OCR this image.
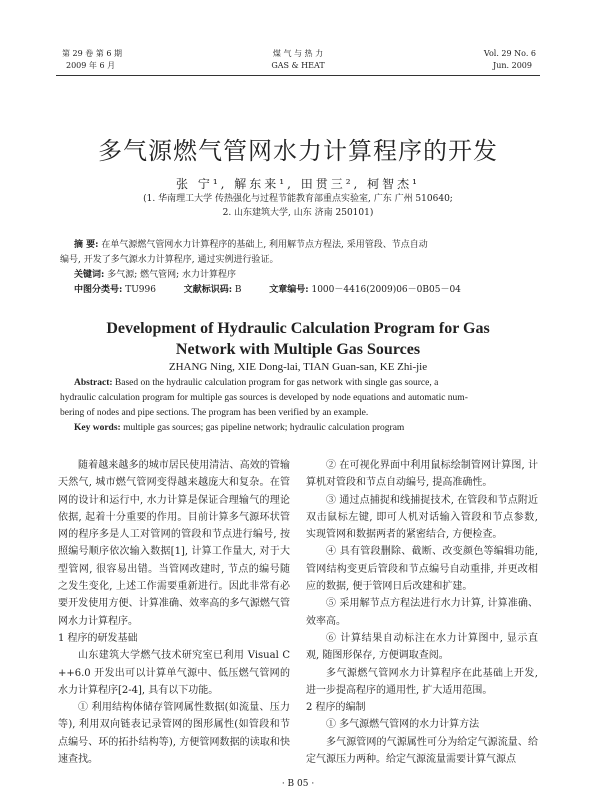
第 29 卷 第 6 期
2009 年 6 月
煤 气 与 热 力
GAS & HEAT
Vol. 29 No. 6
Jun. 2009
多气源燃气管网水力计算程序的开发
张 宁¹, 解东来¹, 田贯三², 柯智杰¹
(1. 华南理工大学 传热强化与过程节能教育部重点实验室, 广东 广州 510640;
2. 山东建筑大学, 山东 济南 250101)
摘 要: 在单气源燃气管网水力计算程序的基础上, 利用解节点方程法, 采用管段、节点自动
编号, 开发了多气源水力计算程序, 通过实例进行验证。
关键词: 多气源; 燃气管网; 水力计算程序
中图分类号: TU996	文献标识码: B	文章编号: 1000－4416(2009)06－0B05－04
Development of Hydraulic Calculation Program for Gas
Network with Multiple Gas Sources
ZHANG Ning, XIE Dong-lai, TIAN Guan-san, KE Zhi-jie
Abstract: Based on the hydraulic calculation program for gas network with single gas source, a
hydraulic calculation program for multiple gas sources is developed by node equations and automatic num-
bering of nodes and pipe sections. The program has been verified by an example.
Key words: multiple gas sources; gas pipeline network; hydraulic calculation program

随着越来越多的城市居民使用清洁、高效的管输天然气, 城市燃气管网变得越来越庞大和复杂。在管网的设计和运行中, 水力计算是保证合理输气的理论依据, 起着十分重要的作用。目前计算多气源环状管网的程序多是人工对管网的管段和节点进行编号, 按照编号顺序依次输入数据[1], 计算工作量大, 对于大型管网, 很容易出错。当管网改建时, 节点的编号随之发生变化, 上述工作需要重新进行。因此非常有必要开发使用方便、计算准确、效率高的多气源燃气管网水力计算程序。

1 程序的研发基础

山东建筑大学燃气技术研究室已利用 Visual C ++6.0 开发出可以计算单气源中、低压燃气管网的水力计算程序[2-4], 具有以下功能。

① 利用结构体储存管网属性数据(如流量、压力等), 利用双向链表记录管网的图形属性(如管段和节点编号、环的拓扑结构等), 方便管网数据的读取和快速查找。

② 在可视化界面中利用鼠标绘制管网计算图, 计算机对管段和节点自动编号, 提高准确性。

③ 通过点捕捉和线捕捉技术, 在管段和节点附近双击鼠标左键, 即可人机对话输入管段和节点参数, 实现管网和数据两者的紧密结合, 方便检查。

④ 具有管段删除、截断、改变颜色等编辑功能, 管网结构变更后管段和节点编号自动重排, 并更改相应的数据, 便于管网日后改建和扩建。

⑤ 采用解节点方程法进行水力计算, 计算准确、效率高。

⑥ 计算结果自动标注在水力计算图中, 显示直观, 随图形保存, 方便调取查阅。

多气源燃气管网水力计算程序在此基础上开发, 进一步提高程序的通用性, 扩大适用范围。

2 程序的编制

① 多气源燃气管网的水力计算方法

多气源管网的气源属性可分为给定气源流量、给定气源压力两种。给定气源流量需要计算气源点

· B 05 ·
